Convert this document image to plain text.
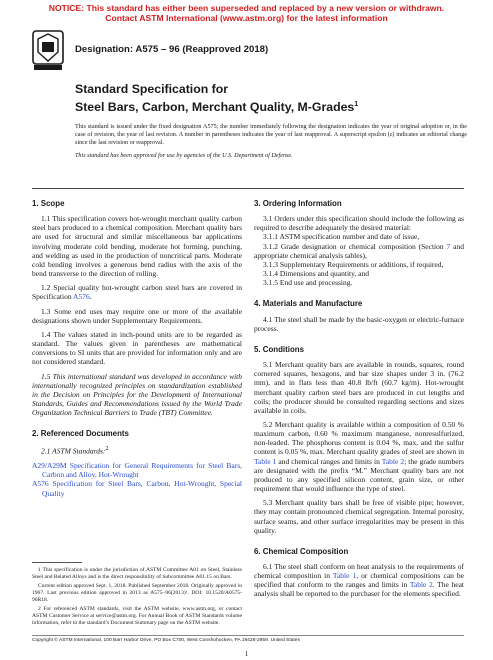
NOTICE: This standard has either been superseded and replaced by a new version or withdrawn.
Contact ASTM International (www.astm.org) for the latest information
Designation: A575 – 96 (Reapproved 2018)
Standard Specification for
Steel Bars, Carbon, Merchant Quality, M-Grades$^1$

This standard is issued under the fixed designation A575; the number immediately following the designation indicates the year of original adoption or, in the case of revision, the year of last revision. A number in parentheses indicates the year of last reapproval. A superscript epsilon (ε) indicates an editorial change since the last revision or reapproval.

This standard has been approved for use by agencies of the U.S. Department of Defense.

1. Scope

1.1 This specification covers hot-wrought merchant quality carbon steel bars produced to a chemical composition. Merchant quality bars are used for structural and similar miscellaneous bar applications involving moderate cold bending, moderate hot forming, punching, and welding as used in the production of noncritical parts. Moderate cold bending involves a generous bend radius with the axis of the bend transverse to the direction of rolling.

1.2 Special quality hot-wrought carbon steel bars are covered in Specification A576.

1.3 Some end uses may require one or more of the available designations shown under Supplementary Requirements.

1.4 The values stated in inch-pound units are to be regarded as standard. The values given in parentheses are mathematical conversions to SI units that are provided for information only and are not considered standard.

1.5 This international standard was developed in accordance with internationally recognized principles on standardization established in the Decision on Principles for the Development of International Standards, Guides and Recommendations issued by the World Trade Organization Technical Barriers to Trade (TBT) Committee.

2. Referenced Documents

2.1 ASTM Standards:$^2$

A29/A29M Specification for General Requirements for Steel Bars, Carbon and Alloy, Hot-Wrought
A576 Specification for Steel Bars, Carbon, Hot-Wrought, Special Quality
3. Ordering Information

3.1 Orders under this specification should include the following as required to describe adequately the desired material:

3.1.1 ASTM specification number and date of issue,

3.1.2 Grade designation or chemical composition (Section 7 and appropriate chemical analysis tables),

3.1.3 Supplementary Requirements or additions, if required,

3.1.4 Dimensions and quantity, and

3.1.5 End use and processing.

4. Materials and Manufacture

4.1 The steel shall be made by the basic-oxygen or electric-furnace process.

5. Conditions

5.1 Merchant quality bars are available in rounds, squares, round cornered squares, hexagons, and bar size shapes under 3 in. (76.2 mm), and in flats less than 40.8 lb/ft (60.7 kg/m). Hot-wrought merchant quality carbon steel bars are produced in cut lengths and coils; the producer should be consulted regarding sections and sizes available in coils.

5.2 Merchant quality is available within a composition of 0.50 % maximum carbon, 0.60 % maximum manganese, nonresulfurized, non-leaded. The phosphorus content is 0.04 %, max, and the sulfur content is 0.05 %, max. Merchant quality grades of steel are shown in Table 1 and chemical ranges and limits in Table 2; the grade numbers are designated with the prefix “M.” Merchant quality bars are not produced to any specified silicon content, grain size, or other requirement that would influence the type of steel.

5.3 Merchant quality bars shall be free of visible pipe; however, they may contain pronounced chemical segregation. Internal porosity, surface seams, and other surface irregularities may be present in this quality.

6. Chemical Composition

6.1 The steel shall conform on heat analysis to the requirements of chemical composition in Table 1, or chemical compositions can be specified that conform to the ranges and limits in Table 2. The heat analysis shall be reported to the purchaser for the elements specified.

1 This specification is under the jurisdiction of ASTM Committee A01 on Steel, Stainless Steel and Related Alloys and is the direct responsibility of Subcommittee A01.15 on Bars.

Current edition approved Sept. 1, 2018. Published September 2018. Originally approved in 1967. Last previous edition approved in 2013 as A575–96(2013)¹. DOI: 10.1520/A0575-96R18.

2 For referenced ASTM standards, visit the ASTM website, www.astm.org, or contact ASTM Customer Service at service@astm.org. For Annual Book of ASTM Standards volume information, refer to the standard’s Document Summary page on the ASTM website.

Copyright © ASTM International, 100 Barr Harbor Drive, PO Box C700, West Conshohocken, PA 19428-2959. United States
1
